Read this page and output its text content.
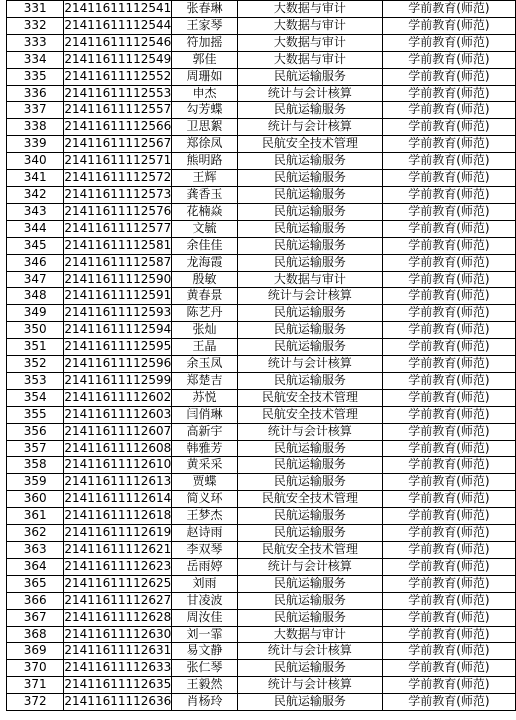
331	21411611112541	张春琳	大数据与审计	学前教育(师范)
332	21411611112544	王家琴	大数据与审计	学前教育(师范)
333	21411611112546	符加摇	大数据与审计	学前教育(师范)
334	21411611112549	郭佳	大数据与审计	学前教育(师范)
335	21411611112552	周珊如	民航运输服务	学前教育(师范)
336	21411611112553	申杰	统计与会计核算	学前教育(师范)
337	21411611112557	勾芳蝶	民航运输服务	学前教育(师范)
338	21411611112566	卫思絮	统计与会计核算	学前教育(师范)
339	21411611112567	郑徐凤	民航安全技术管理	学前教育(师范)
340	21411611112571	熊明路	民航运输服务	学前教育(师范)
341	21411611112572	王辉	民航运输服务	学前教育(师范)
342	21411611112573	龚香玉	民航运输服务	学前教育(师范)
343	21411611112576	花楠焱	民航运输服务	学前教育(师范)
344	21411611112577	文毓	民航运输服务	学前教育(师范)
345	21411611112581	余佳佳	民航运输服务	学前教育(师范)
346	21411611112587	龙海霞	民航运输服务	学前教育(师范)
347	21411611112590	殷敏	大数据与审计	学前教育(师范)
348	21411611112591	黄春景	统计与会计核算	学前教育(师范)
349	21411611112593	陈艺丹	民航运输服务	学前教育(师范)
350	21411611112594	张灿	民航运输服务	学前教育(师范)
351	21411611112595	王晶	民航运输服务	学前教育(师范)
352	21411611112596	余玉凤	统计与会计核算	学前教育(师范)
353	21411611112599	郑楚吉	民航运输服务	学前教育(师范)
354	21411611112602	苏悦	民航安全技术管理	学前教育(师范)
355	21411611112603	闫俏琳	民航安全技术管理	学前教育(师范)
356	21411611112607	高新宇	统计与会计核算	学前教育(师范)
357	21411611112608	韩雅芳	民航运输服务	学前教育(师范)
358	21411611112610	黄采采	民航运输服务	学前教育(师范)
359	21411611112613	贾蝶	民航运输服务	学前教育(师范)
360	21411611112614	简义环	民航安全技术管理	学前教育(师范)
361	21411611112618	王梦杰	民航运输服务	学前教育(师范)
362	21411611112619	赵诗雨	民航运输服务	学前教育(师范)
363	21411611112621	李双琴	民航安全技术管理	学前教育(师范)
364	21411611112623	岳雨婷	统计与会计核算	学前教育(师范)
365	21411611112625	刘雨	民航运输服务	学前教育(师范)
366	21411611112627	甘凌波	民航运输服务	学前教育(师范)
367	21411611112628	周汝佳	民航运输服务	学前教育(师范)
368	21411611112630	刘一霏	大数据与审计	学前教育(师范)
369	21411611112631	易文静	统计与会计核算	学前教育(师范)
370	21411611112633	张仁琴	民航运输服务	学前教育(师范)
371	21411611112635	王毅然	统计与会计核算	学前教育(师范)
372	21411611112636	肖杨玲	民航运输服务	学前教育(师范)
